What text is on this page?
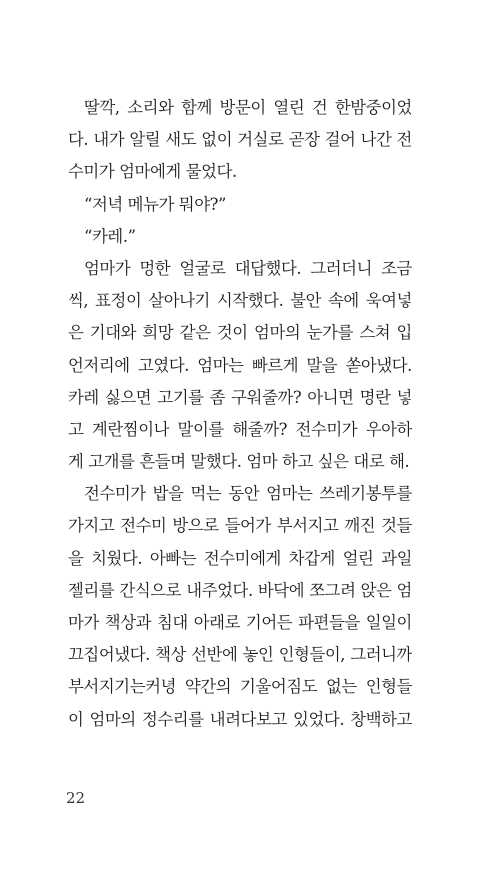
딸깍, 소리와 함께 방문이 열린 건 한밤중이었
다. 내가 알릴 새도 없이 거실로 곧장 걸어 나간 전
수미가 엄마에게 물었다.
“저녁 메뉴가 뭐야?”
“카레.”
엄마가 멍한 얼굴로 대답했다. 그러더니 조금
씩, 표정이 살아나기 시작했다. 불안 속에 욱여넣
은 기대와 희망 같은 것이 엄마의 눈가를 스쳐 입
언저리에 고였다. 엄마는 빠르게 말을 쏟아냈다.
카레 싫으면 고기를 좀 구워줄까? 아니면 명란 넣
고 계란찜이나 말이를 해줄까? 전수미가 우아하
게 고개를 흔들며 말했다. 엄마 하고 싶은 대로 해.
전수미가 밥을 먹는 동안 엄마는 쓰레기봉투를
가지고 전수미 방으로 들어가 부서지고 깨진 것들
을 치웠다. 아빠는 전수미에게 차갑게 얼린 과일
젤리를 간식으로 내주었다. 바닥에 쪼그려 앉은 엄
마가 책상과 침대 아래로 기어든 파편들을 일일이
끄집어냈다. 책상 선반에 놓인 인형들이, 그러니까
부서지기는커녕 약간의 기울어짐도 없는 인형들
이 엄마의 정수리를 내려다보고 있었다. 창백하고
22
